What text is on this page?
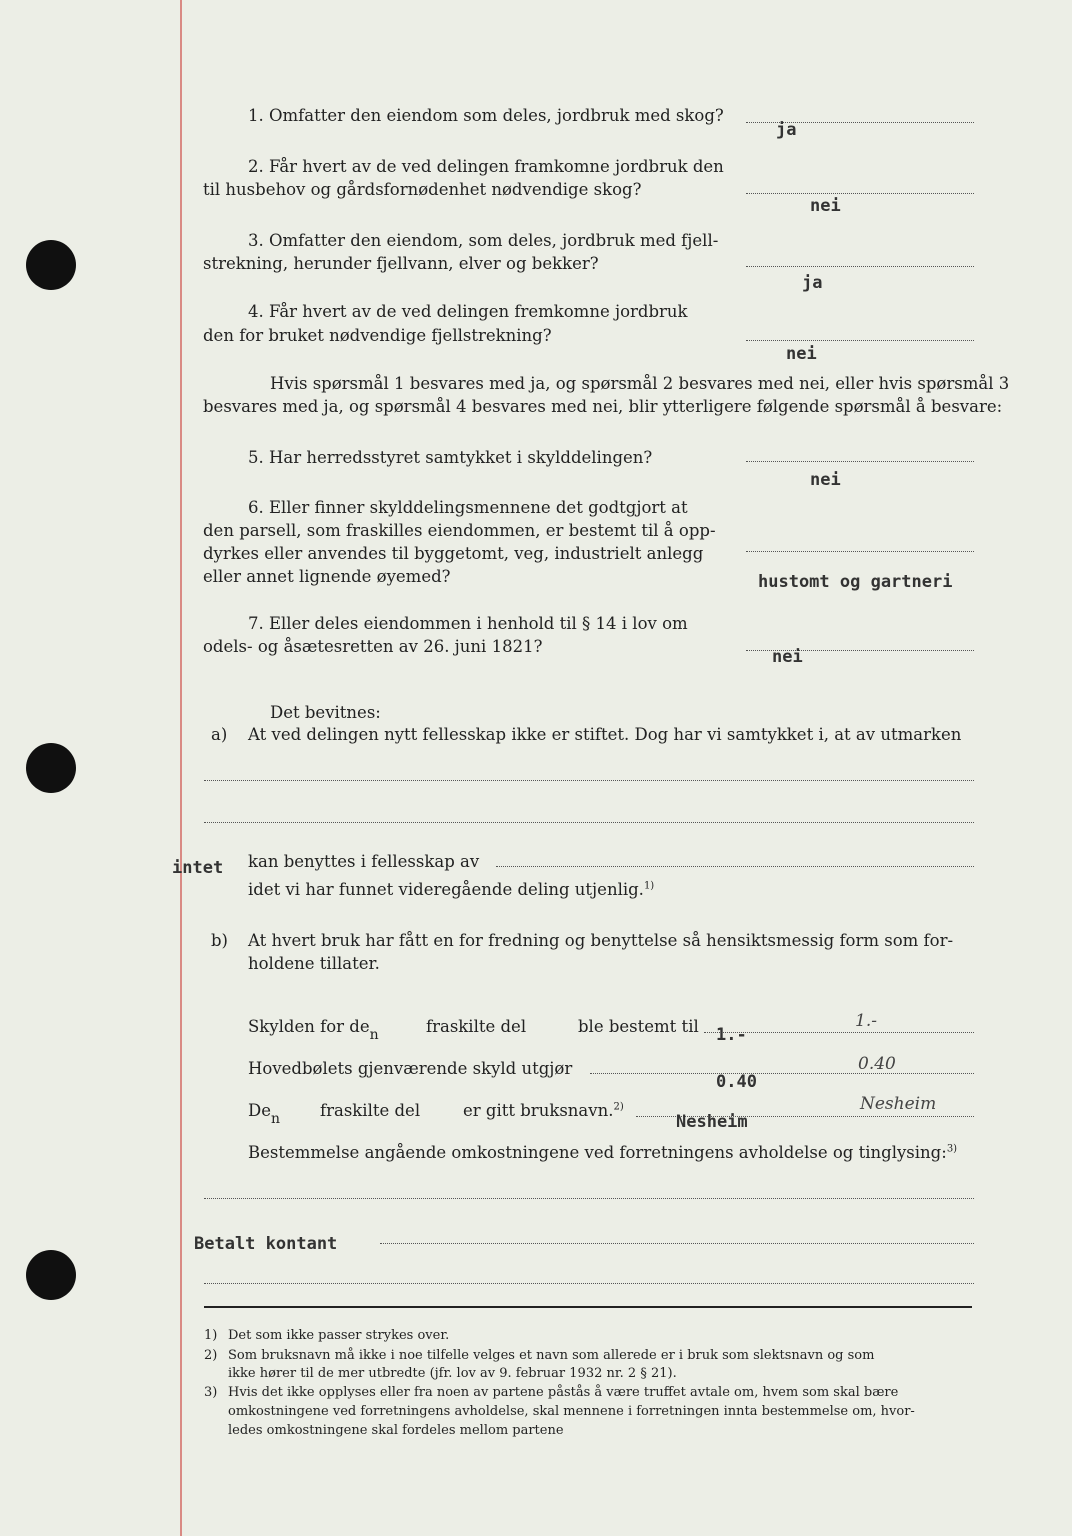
1. Omfatter den eiendom som deles, jordbruk med skog?
ja
2. Får hvert av de ved delingen framkomne jordbruk den
til husbehov og gårdsfornødenhet nødvendige skog?
nei
3. Omfatter den eiendom, som deles, jordbruk med fjell-
strekning, herunder fjellvann, elver og bekker?
ja
4. Får hvert av de ved delingen fremkomne jordbruk
den for bruket nødvendige fjellstrekning?
nei
Hvis spørsmål 1 besvares med ja, og spørsmål 2 besvares med nei, eller hvis spørsmål 3
besvares med ja, og spørsmål 4 besvares med nei, blir ytterligere følgende spørsmål å besvare:
5. Har herredsstyret samtykket i skylddelingen?
nei
6. Eller finner skylddelingsmennene det godtgjort at
den parsell, som fraskilles eiendommen, er bestemt til å opp-
dyrkes eller anvendes til byggetomt, veg, industrielt anlegg
eller annet lignende øyemed?	hustomt og gartneri
7. Eller deles eiendommen i henhold til § 14 i lov om
odels- og åsætesretten av 26. juni 1821?
nei
Det bevitnes:
a) At ved delingen nytt fellesskap ikke er stiftet. Dog har vi samtykket i, at av utmarken
intet kan benyttes i fellesskap av
idet vi har funnet videregående deling utjenlig.$^{1)}$
b) At hvert bruk har fått en for fredning og benyttelse så hensiktsmessig form som for-
holdene tillater.
Skylden for $de_n$	fraskilte del	ble bestemt til 1.-
1.-
Hovedbølets gjenværende skyld utgjør
0.40
0.40
$De_n$ fraskilte del	er gitt bruksnavn.$^{2)}$
Nesheim
Nesheim
Bestemmelse angående omkostningene ved forretningens avholdelse og tinglysing:$^{3)}$
Betalt kontant
1) Det som ikke passer strykes over.
2) Som bruksnavn må ikke i noe tilfelle velges et navn som allerede er i bruk som slektsnavn og som
ikke hører til de mer utbredte (jfr. lov av 9. februar 1932 nr. 2 § 21).
3) Hvis det ikke opplyses eller fra noen av partene påstås å være truffet avtale om, hvem som skal bære
omkostningene ved forretningens avholdelse, skal mennene i forretningen innta bestemmelse om, hvor-
ledes omkostningene skal fordeles mellom partene
